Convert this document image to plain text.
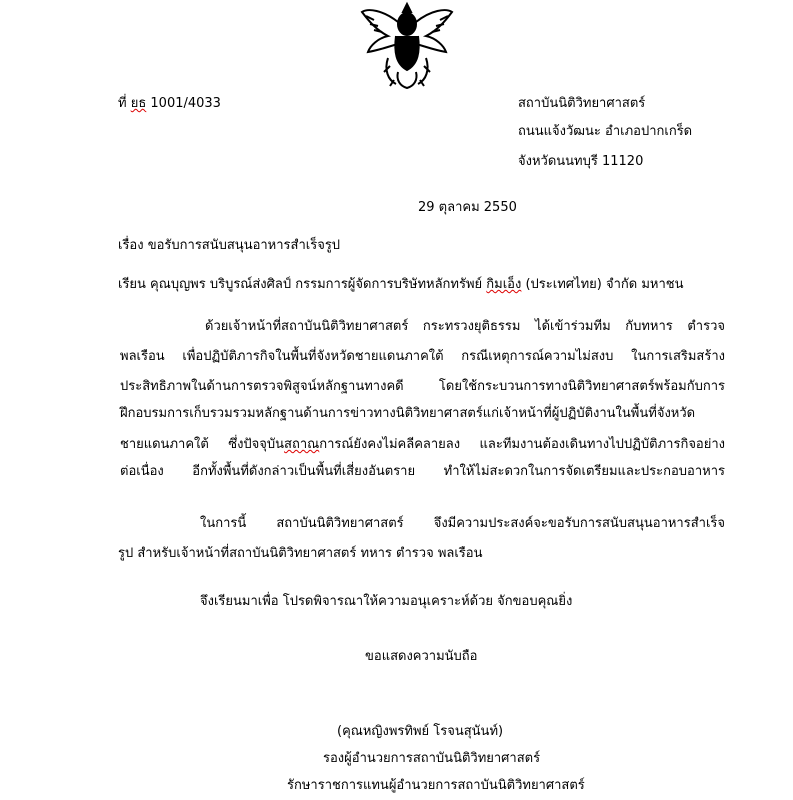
ที่ ยธ 1001/4033	สถาบันนิติวิทยาศาสตร์
ถนนแจ้งวัฒนะ อำเภอปากเกร็ด
จังหวัดนนทบุรี 11120
29 ตุลาคม 2550
เรื่อง ขอรับการสนับสนุนอาหารสำเร็จรูป
เรียน คุณบุญพร บริบูรณ์ส่งศิลป์ กรรมการผู้จัดการบริษัทหลักทรัพย์ กิมเอ็ง (ประเทศไทย) จำกัด มหาชน
ด้วยเจ้าหน้าที่สถาบันนิติวิทยาศาสตร์ กระทรวงยุติธรรม ได้เข้าร่วมทีม กับทหาร ตำรวจ
พลเรือน เพื่อปฏิบัติภารกิจในพื้นที่จังหวัดชายแดนภาคใต้ กรณีเหตุการณ์ความไม่สงบ ในการเสริมสร้าง
ประสิทธิภาพในด้านการตรวจพิสูจน์หลักฐานทางคดี โดยใช้กระบวนการทางนิติวิทยาศาสตร์พร้อมกับการ
ฝึกอบรมการเก็บรวมรวมหลักฐานด้านการข่าวทางนิติวิทยาศาสตร์แก่เจ้าหน้าที่ผู้ปฏิบัติงานในพื้นที่จังหวัด
ชายแดนภาคใต้ ซึ่งปัจจุบันสถาณการณ์ยังคงไม่คลีคลายลง และทีมงานต้องเดินทางไปปฏิบัติภารกิจอย่าง
ต่อเนื่อง อีกทั้งพื้นที่ดังกล่าวเป็นพื้นที่เสี่ยงอันตราย ทำให้ไม่สะดวกในการจัดเตรียมและประกอบอาหาร
ในการนี้ สถาบันนิติวิทยาศาสตร์ จึงมีความประสงค์จะขอรับการสนับสนุนอาหารสำเร็จ
รูป สำหรับเจ้าหน้าที่สถาบันนิติวิทยาศาสตร์ ทหาร ตำรวจ พลเรือน
จึงเรียนมาเพื่อ โปรดพิจารณาให้ความอนุเคราะห์ด้วย จักขอบคุณยิ่ง
ขอแสดงความนับถือ
(คุณหญิงพรทิพย์ โรจนสุนันท์)
รองผู้อำนวยการสถาบันนิติวิทยาศาสตร์
รักษาราชการแทนผู้อำนวยการสถาบันนิติวิทยาศาสตร์
